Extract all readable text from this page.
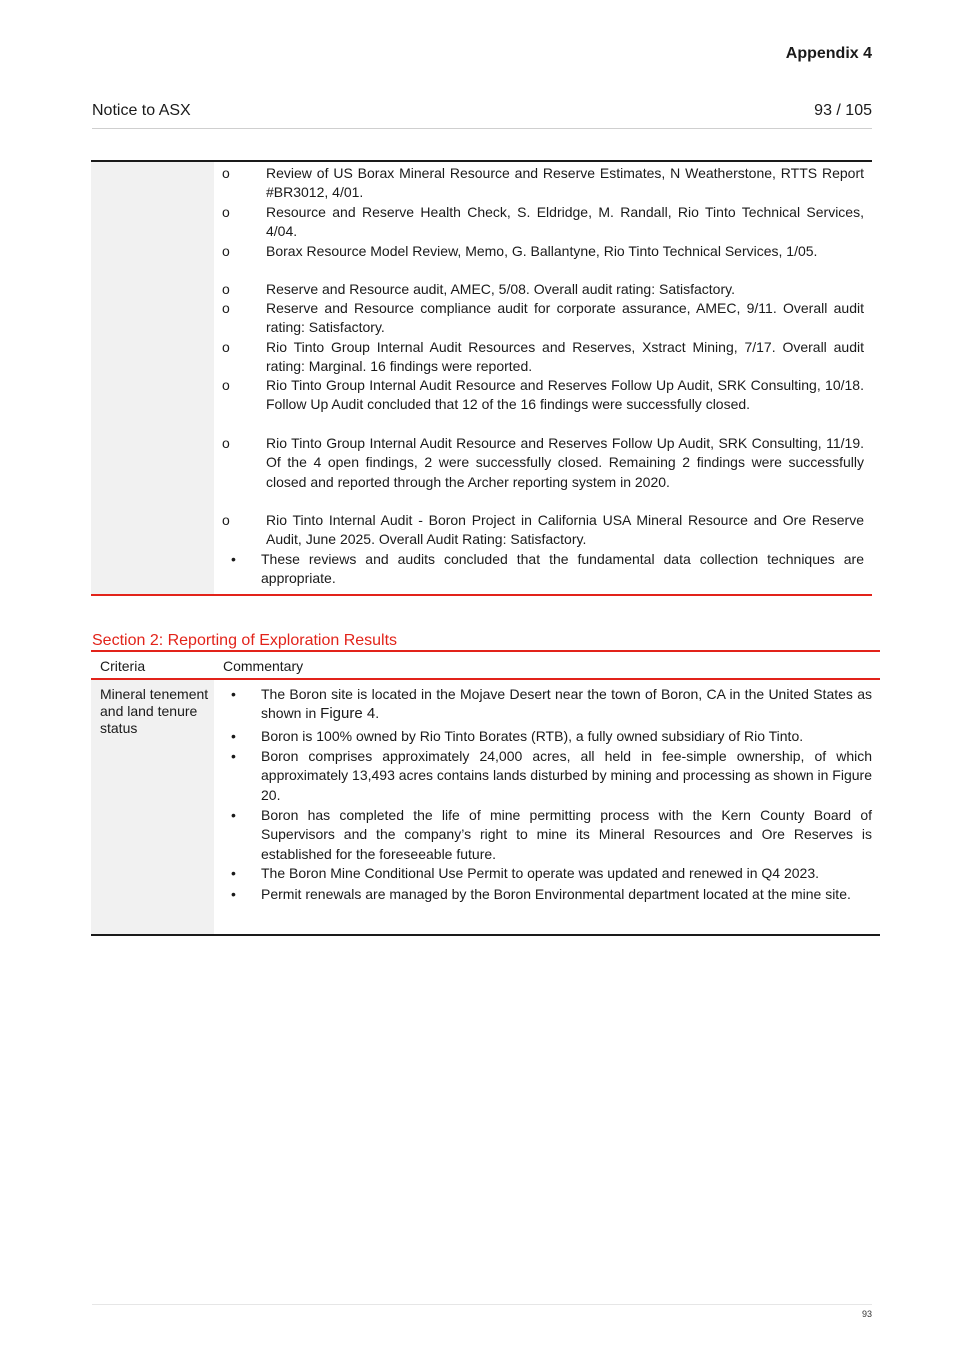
Appendix 4
Notice to ASX	93 / 105
o	Review of US Borax Mineral Resource and Reserve Estimates, N Weatherstone, RTTS Report #BR3012, 4/01.
o	Resource and Reserve Health Check, S. Eldridge, M. Randall, Rio Tinto Technical Services, 4/04.
o	Borax Resource Model Review, Memo, G. Ballantyne, Rio Tinto Technical Services, 1/05.
o	Reserve and Resource audit, AMEC, 5/08. Overall audit rating: Satisfactory.
o	Reserve and Resource compliance audit for corporate assurance, AMEC, 9/11. Overall audit rating: Satisfactory.
o	Rio Tinto Group Internal Audit Resources and Reserves, Xstract Mining, 7/17. Overall audit rating: Marginal. 16 findings were reported.
o	Rio Tinto Group Internal Audit Resource and Reserves Follow Up Audit, SRK Consulting, 10/18. Follow Up Audit concluded that 12 of the 16 findings were successfully closed.
o	Rio Tinto Group Internal Audit Resource and Reserves Follow Up Audit, SRK Consulting, 11/19. Of the 4 open findings, 2 were successfully closed. Remaining 2 findings were successfully closed and reported through the Archer reporting system in 2020.
o	Rio Tinto Internal Audit - Boron Project in California USA Mineral Resource and Ore Reserve Audit, June 2025. Overall Audit Rating: Satisfactory.
• These reviews and audits concluded that the fundamental data collection techniques are appropriate.
Section 2: Reporting of Exploration Results
Criteria	Commentary
Mineral tenement and land tenure status
• The Boron site is located in the Mojave Desert near the town of Boron, CA in the United States as shown in Figure 4.
• Boron is 100% owned by Rio Tinto Borates (RTB), a fully owned subsidiary of Rio Tinto.
• Boron comprises approximately 24,000 acres, all held in fee-simple ownership, of which approximately 13,493 acres contains lands disturbed by mining and processing as shown in Figure 20.
• Boron has completed the life of mine permitting process with the Kern County Board of Supervisors and the company’s right to mine its Mineral Resources and Ore Reserves is established for the foreseeable future.
• The Boron Mine Conditional Use Permit to operate was updated and renewed in Q4 2023.
• Permit renewals are managed by the Boron Environmental department located at the mine site.
93
